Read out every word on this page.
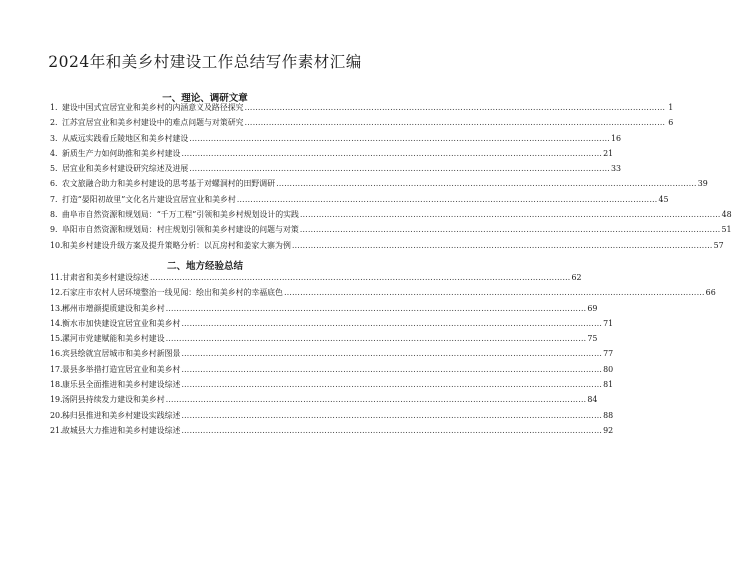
2024年和美乡村建设工作总结写作素材汇编
一、理论、调研文章
1. 建设中国式宜居宜业和美乡村的内涵意义及路径探究 …………………………………………………………………………………………………………………………………………	1
2. 江苏宜居宜业和美乡村建设中的难点问题与对策研究 …………………………………………………………………………………………………………………………………………	6
3. 从威远实践看丘陵地区和美乡村建设 …………………………………………………………………………………………………………………………………………	16
4. 新质生产力如何助推和美乡村建设 …………………………………………………………………………………………………………………………………………	21
5. 居宜业和美乡村建设研究综述及进展 …………………………………………………………………………………………………………………………………………	33
6. 农文旅融合助力和美乡村建设的思考基于对螺洞村的田野调研 …………………………………………………………………………………………………………………………………………	39
7. 打造“晏阳初故里”文化名片建设宜居宜业和美乡村 …………………………………………………………………………………………………………………………………………	45
8. 曲阜市自然资源和规划局：“千万工程”引领和美乡村规划设计的实践 …………………………………………………………………………………………………………………………………………	48
9. 阜阳市自然资源和规划局：村庄规划引领和美乡村建设的问题与对策 …………………………………………………………………………………………………………………………………………	51
10. 和美乡村建设升级方案及提升策略分析：以瓦房村和姜家大寨为例 …………………………………………………………………………………………………………………………………………	57
二、地方经验总结
11. 甘肃省和美乡村建设综述 …………………………………………………………………………………………………………………………………………	62
12. 石家庄市农村人居环境整治一线见闻：绘出和美乡村的幸福底色 …………………………………………………………………………………………………………………………………………	66
13. 郴州市增颜提质建设和美乡村 …………………………………………………………………………………………………………………………………………	69
14. 衡水市加快建设宜居宜业和美乡村 …………………………………………………………………………………………………………………………………………	71
15. 漯河市党建赋能和美乡村建设 …………………………………………………………………………………………………………………………………………	75
16. 宾县绘就宜居城市和美乡村新图景 …………………………………………………………………………………………………………………………………………	77
17. 景县多举措打造宜居宜业和美乡村 …………………………………………………………………………………………………………………………………………	80
18. 康乐县全面推进和美乡村建设综述 …………………………………………………………………………………………………………………………………………	81
19. 汤阴县持续发力建设和美乡村 …………………………………………………………………………………………………………………………………………	84
20. 秭归县推进和美乡村建设实践综述 …………………………………………………………………………………………………………………………………………	88
21. 故城县大力推进和美乡村建设综述 …………………………………………………………………………………………………………………………………………	92
